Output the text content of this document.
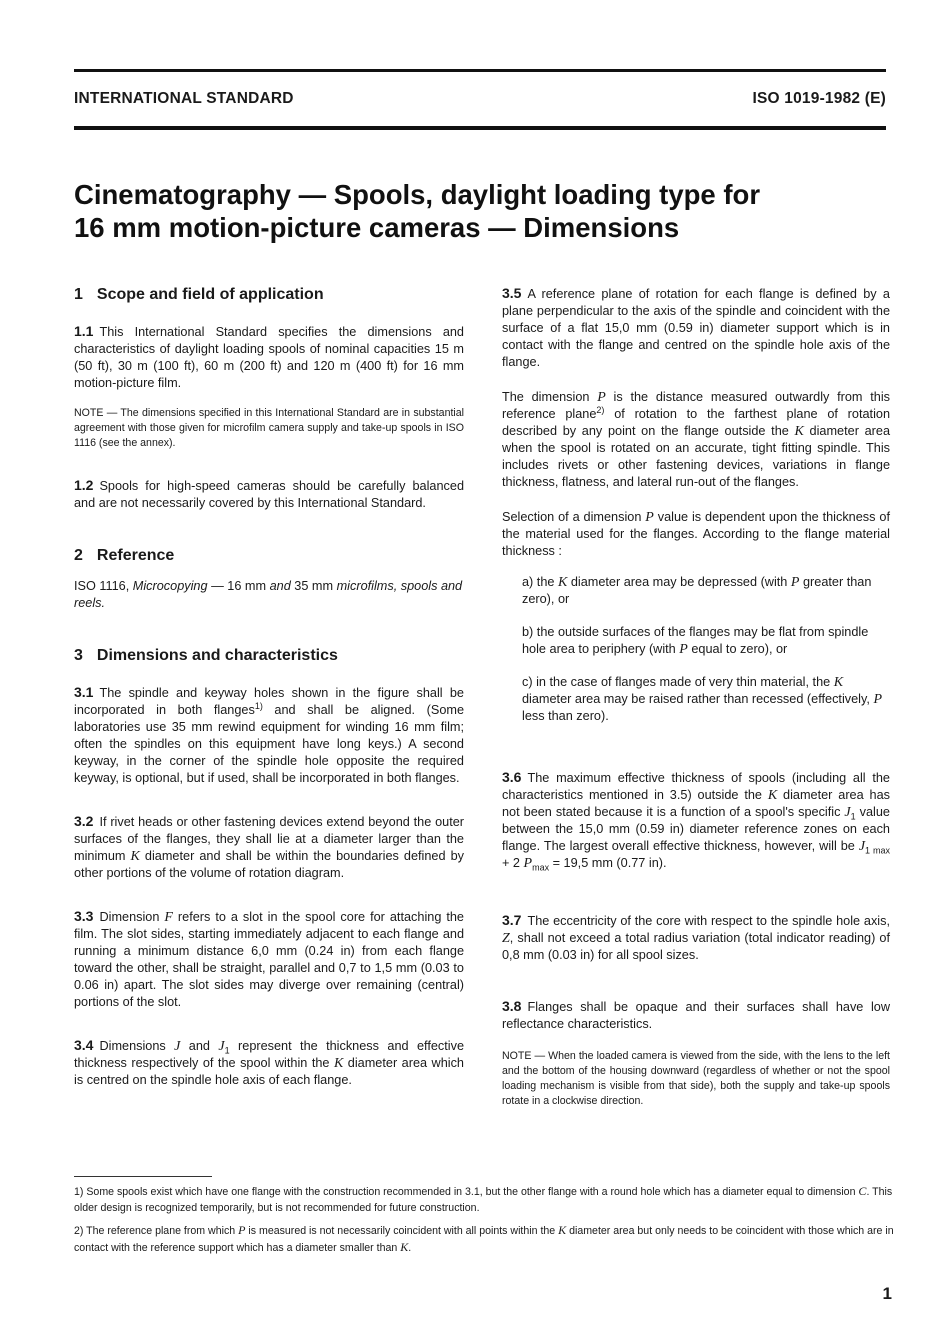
INTERNATIONAL STANDARD	ISO 1019-1982 (E)
Cinematography — Spools, daylight loading type for
16 mm motion-picture cameras — Dimensions
1 Scope and field of application

1.1 This International Standard specifies the dimensions and characteristics of daylight loading spools of nominal capacities 15 m (50 ft), 30 m (100 ft), 60 m (200 ft) and 120 m (400 ft) for 16 mm motion-picture film.

NOTE — The dimensions specified in this International Standard are in substantial agreement with those given for microfilm camera supply and take-up spools in ISO 1116 (see the annex).

1.2 Spools for high-speed cameras should be carefully balanced and are not necessarily covered by this International Standard.

2 Reference

ISO 1116, Microcopying — 16 mm and 35 mm microfilms, spools and reels.

3 Dimensions and characteristics

3.1 The spindle and keyway holes shown in the figure shall be incorporated in both flanges$^{1)}$ and shall be aligned. (Some laboratories use 35 mm rewind equipment for winding 16 mm film; often the spindles on this equipment have long keys.) A second keyway, in the corner of the spindle hole opposite the required keyway, is optional, but if used, shall be incorporated in both flanges.

3.2 If rivet heads or other fastening devices extend beyond the outer surfaces of the flanges, they shall lie at a diameter larger than the minimum K diameter and shall be within the boundaries defined by other portions of the volume of rotation diagram.

3.3 Dimension F refers to a slot in the spool core for attaching the film. The slot sides, starting immediately adjacent to each flange and running a minimum distance 6,0 mm (0.24 in) from each flange toward the other, shall be straight, parallel and 0,7 to 1,5 mm (0.03 to 0.06 in) apart. The slot sides may diverge over remaining (central) portions of the slot.

3.4 Dimensions J and $J_1$ represent the thickness and effective thickness respectively of the spool within the K diameter area which is centred on the spindle hole axis of each flange.

3.5 A reference plane of rotation for each flange is defined by a plane perpendicular to the axis of the spindle and coincident with the surface of a flat 15,0 mm (0.59 in) diameter support which is in contact with the flange and centred on the spindle hole axis of the flange.

The dimension P is the distance measured outwardly from this reference plane$^{2)}$ of rotation to the farthest plane of rotation described by any point on the flange outside the K diameter area when the spool is rotated on an accurate, tight fitting spindle. This includes rivets or other fastening devices, variations in flange thickness, flatness, and lateral run-out of the flanges.

Selection of a dimension P value is dependent upon the thickness of the material used for the flanges. According to the flange material thickness :

a) the K diameter area may be depressed (with P greater than zero), or
b) the outside surfaces of the flanges may be flat from spindle hole area to periphery (with P equal to zero), or
c) in the case of flanges made of very thin material, the K diameter area may be raised rather than recessed (effectively, P less than zero).

3.6 The maximum effective thickness of spools (including all the characteristics mentioned in 3.5) outside the K diameter area has not been stated because it is a function of a spool's specific $J_1$ value between the 15,0 mm (0.59 in) diameter reference zones on each flange. The largest overall effective thickness, however, will be $J_{1 max} + 2$ $P_{max} = 19,5$ mm (0.77 in).

3.7 The eccentricity of the core with respect to the spindle hole axis, Z, shall not exceed a total radius variation (total indicator reading) of 0,8 mm (0.03 in) for all spool sizes.

3.8 Flanges shall be opaque and their surfaces shall have low reflectance characteristics.

NOTE — When the loaded camera is viewed from the side, with the lens to the left and the bottom of the housing downward (regardless of whether or not the spool loading mechanism is visible from that side), both the supply and take-up spools rotate in a clockwise direction.

1) Some spools exist which have one flange with the construction recommended in 3.1, but the other flange with a round hole which has a diameter equal to dimension C. This older design is recognized temporarily, but is not recommended for future construction.

2) The reference plane from which P is measured is not necessarily coincident with all points within the K diameter area but only needs to be coincident with those which are in contact with the reference support which has a diameter smaller than K.

1
